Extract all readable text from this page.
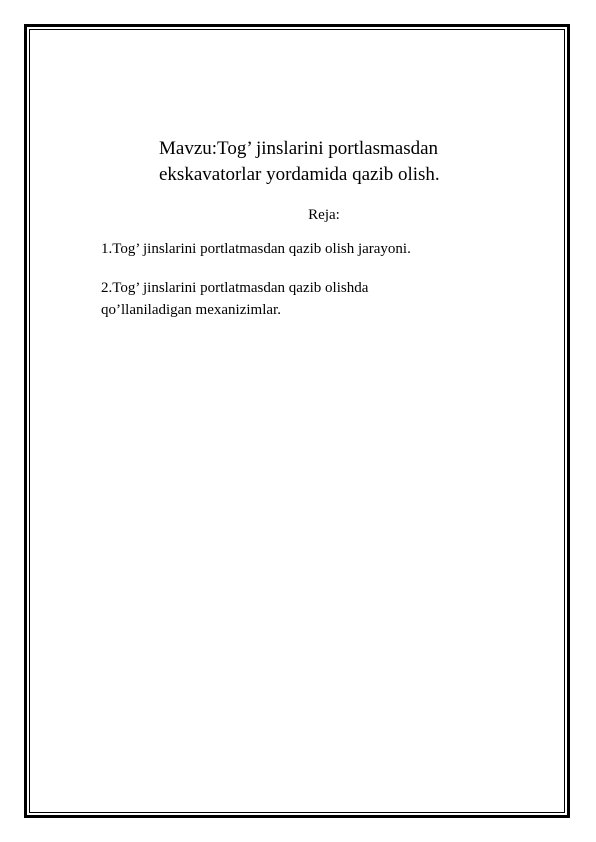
Mavzu:Tog’ jinslarini portlasmasdan
ekskavatorlar yordamida qazib olish.
Reja:
1.Tog’ jinslarini portlatmasdan qazib olish jarayoni.
2.Tog’ jinslarini portlatmasdan qazib olishda
qo’llaniladigan mexanizimlar.
